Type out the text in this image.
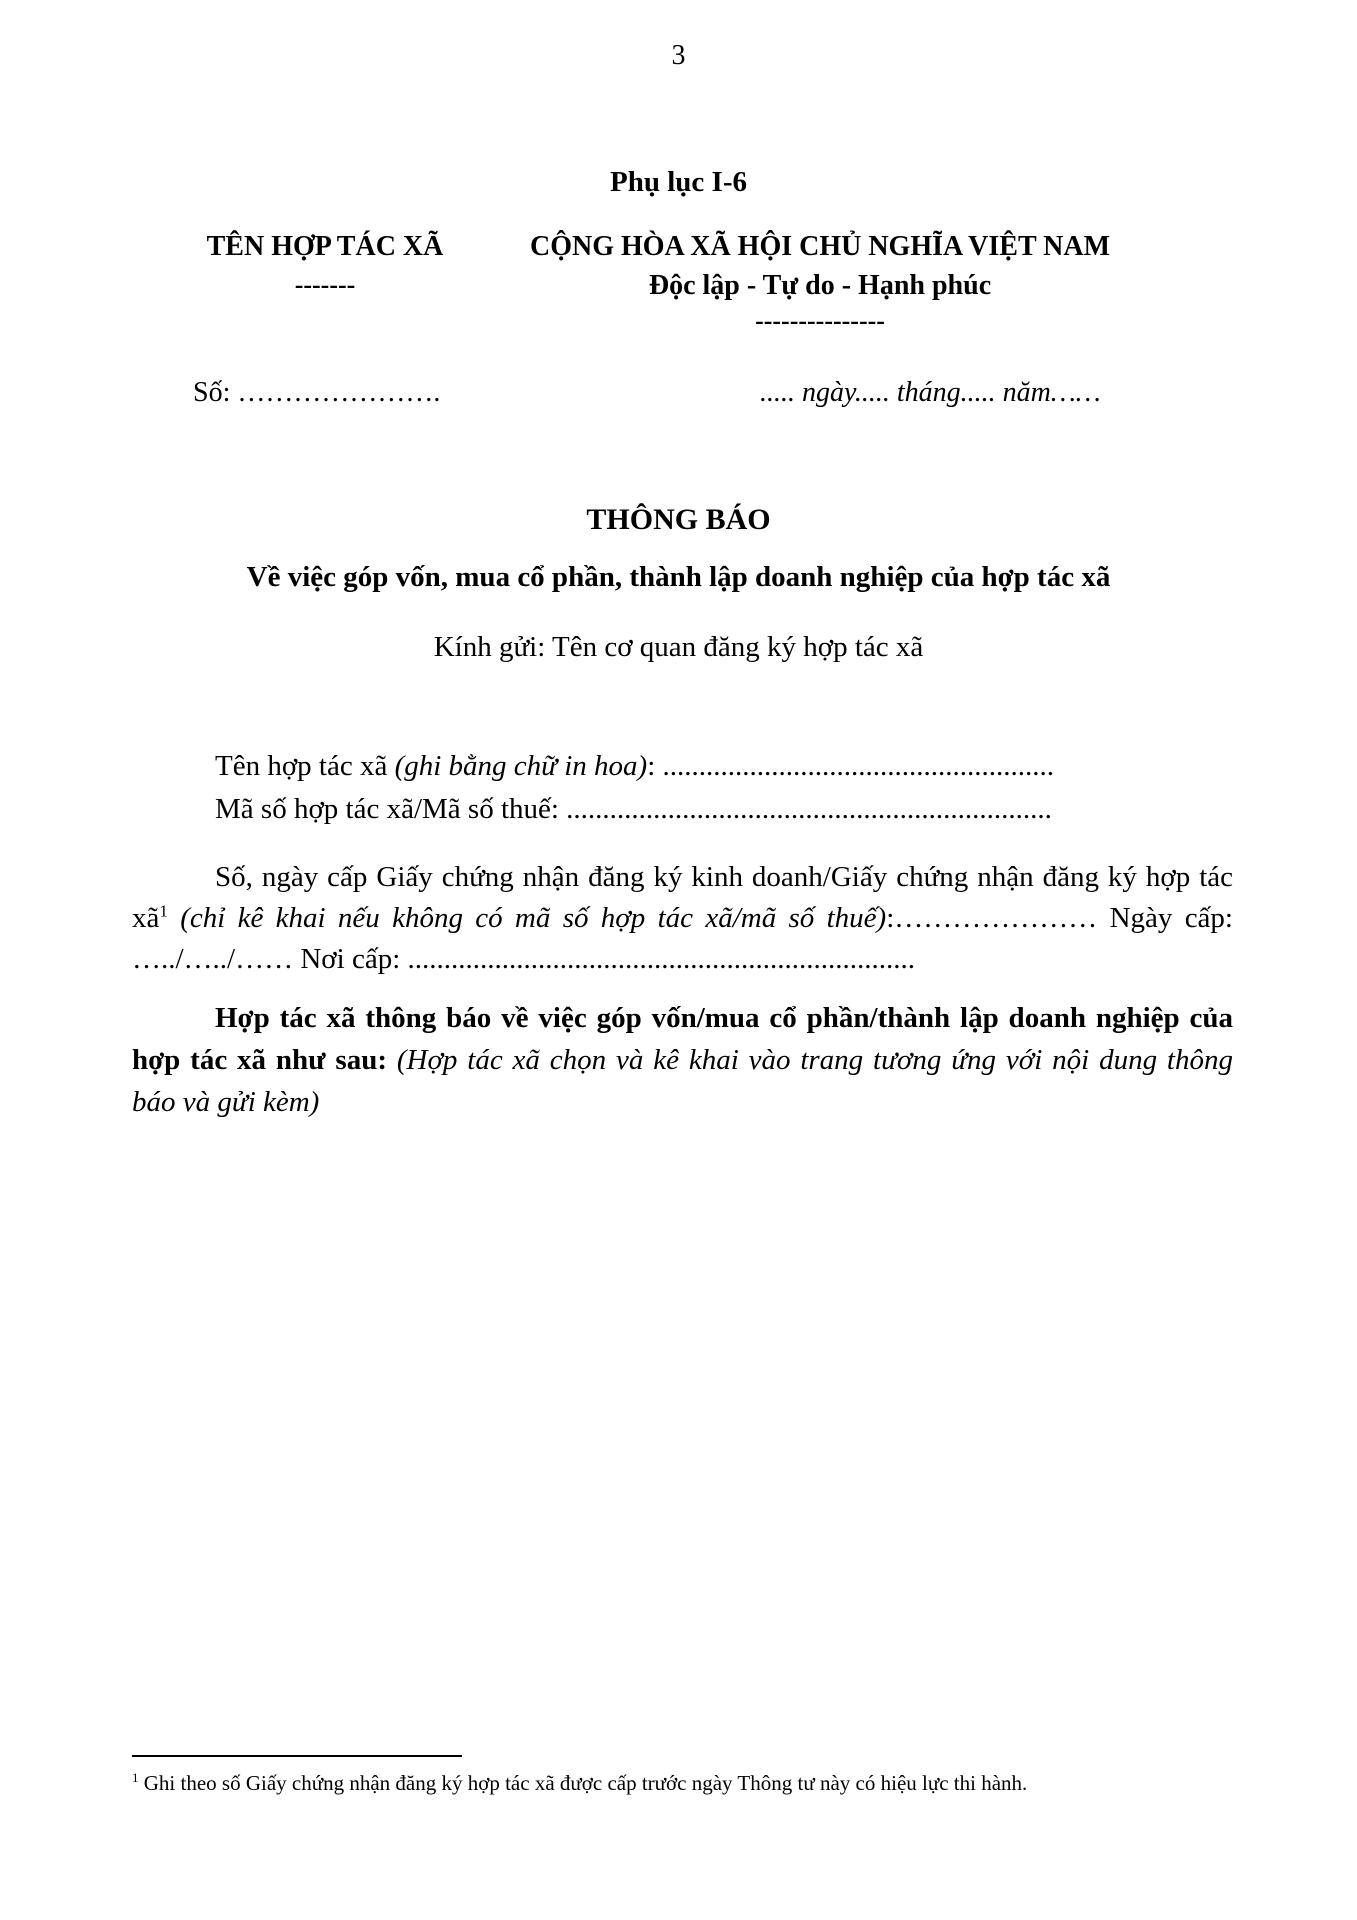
3
Phụ lục I-6
TÊN HỢP TÁC XÃ
-------
CỘNG HÒA XÃ HỘI CHỦ NGHĨA VIỆT NAM
Độc lập - Tự do - Hạnh phúc
---------------
Số: ………………….	..... ngày..... tháng..... năm……
THÔNG BÁO
Về việc góp vốn, mua cổ phần, thành lập doanh nghiệp của hợp tác xã
Kính gửi: Tên cơ quan đăng ký hợp tác xã
Tên hợp tác xã (ghi bằng chữ in hoa): ......................................................
Mã số hợp tác xã/Mã số thuế: ...................................................................
Số, ngày cấp Giấy chứng nhận đăng ký kinh doanh/Giấy chứng nhận đăng ký hợp tác $xã^1$ (chỉ kê khai nếu không có mã số hợp tác xã/mã số thuế):………………… Ngày cấp: …../…../…… Nơi cấp: ......................................................................
Hợp tác xã thông báo về việc góp vốn/mua cổ phần/thành lập doanh nghiệp của hợp tác xã như sau: (Hợp tác xã chọn và kê khai vào trang tương ứng với nội dung thông báo và gửi kèm)
$^1$ Ghi theo số Giấy chứng nhận đăng ký hợp tác xã được cấp trước ngày Thông tư này có hiệu lực thi hành.
